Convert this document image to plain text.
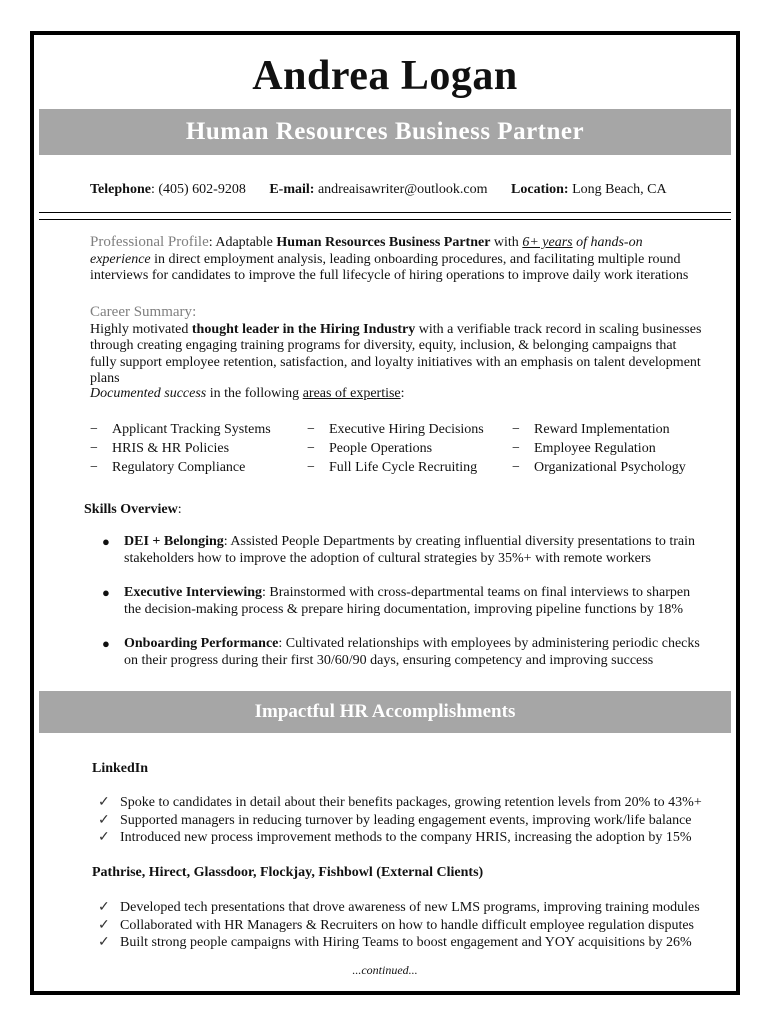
Andrea Logan
Human Resources Business Partner
Telephone: (405) 602-9208 E-mail: andreaisawriter@outlook.com Location: Long Beach, CA
Professional Profile: Adaptable Human Resources Business Partner with 6+ years of hands-on experience in direct employment analysis, leading onboarding procedures, and facilitating multiple round interviews for candidates to improve the full lifecycle of hiring operations to improve daily work iterations
Career Summary:
Highly motivated thought leader in the Hiring Industry with a verifiable track record in scaling businesses through creating engaging training programs for diversity, equity, inclusion, & belonging campaigns that fully support employee retention, satisfaction, and loyalty initiatives with an emphasis on talent development plans
Documented success in the following areas of expertise:
− Applicant Tracking Systems
− HRIS & HR Policies
− Regulatory Compliance
− Executive Hiring Decisions
− People Operations
− Full Life Cycle Recruiting
− Reward Implementation
− Employee Regulation
− Organizational Psychology
Skills Overview:
● DEI + Belonging: Assisted People Departments by creating influential diversity presentations to train stakeholders how to improve the adoption of cultural strategies by 35%+ with remote workers
● Executive Interviewing: Brainstormed with cross-departmental teams on final interviews to sharpen the decision-making process & prepare hiring documentation, improving pipeline functions by 18%
● Onboarding Performance: Cultivated relationships with employees by administering periodic checks on their progress during their first 30/60/90 days, ensuring competency and improving success
Impactful HR Accomplishments
LinkedIn
✓ Spoke to candidates in detail about their benefits packages, growing retention levels from 20% to 43%+
✓ Supported managers in reducing turnover by leading engagement events, improving work/life balance
✓ Introduced new process improvement methods to the company HRIS, increasing the adoption by 15%
Pathrise, Hirect, Glassdoor, Flockjay, Fishbowl (External Clients)
✓ Developed tech presentations that drove awareness of new LMS programs, improving training modules
✓ Collaborated with HR Managers & Recruiters on how to handle difficult employee regulation disputes
✓ Built strong people campaigns with Hiring Teams to boost engagement and YOY acquisitions by 26%
...continued...
